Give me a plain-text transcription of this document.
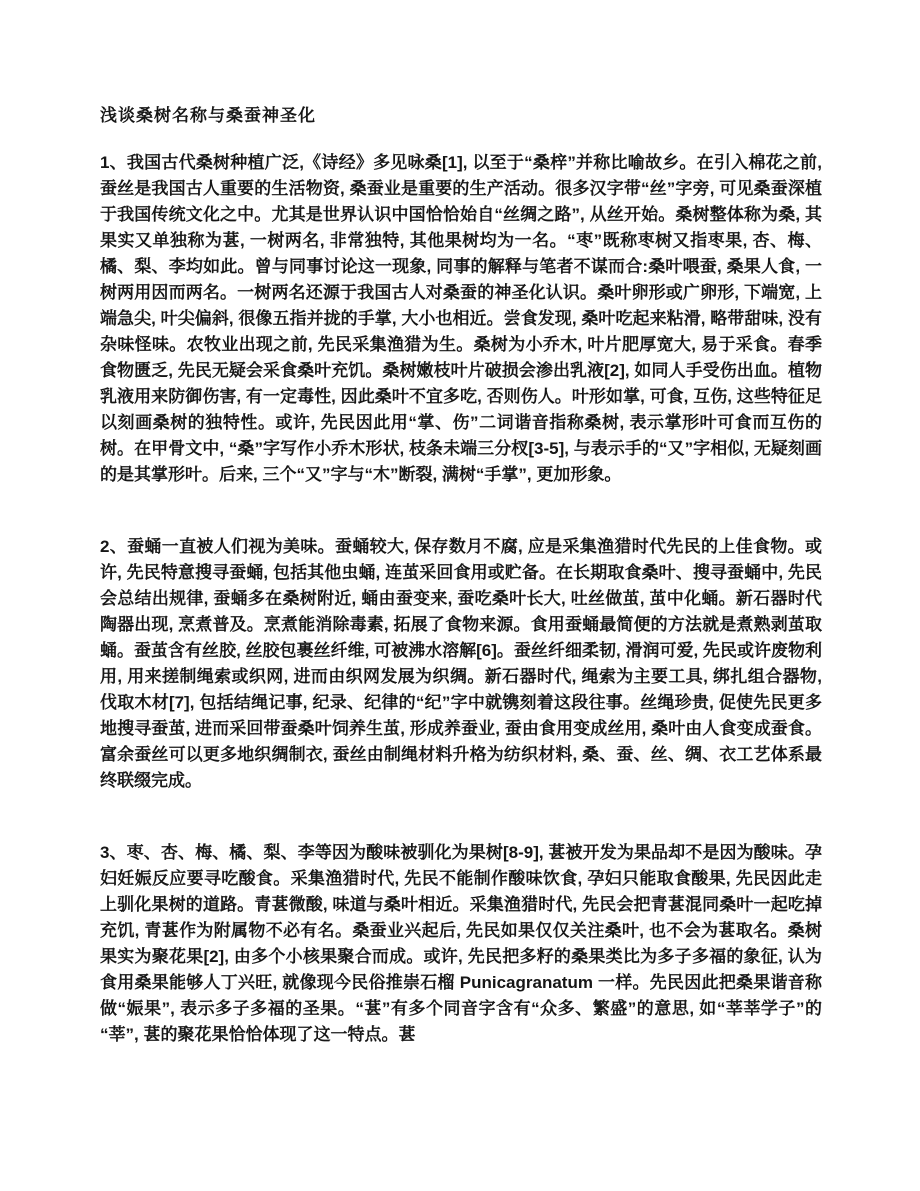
浅谈桑树名称与桑蚕神圣化

1、我国古代桑树种植广泛,《诗经》多见咏桑[1], 以至于“桑梓”并称比喻故乡。在引入棉花之前, 蚕丝是我国古人重要的生活物资, 桑蚕业是重要的生产活动。很多汉字带“丝”字旁, 可见桑蚕深植于我国传统文化之中。尤其是世界认识中国恰恰始自“丝绸之路”, 从丝开始。桑树整体称为桑, 其果实又单独称为葚, 一树两名, 非常独特, 其他果树均为一名。“枣”既称枣树又指枣果, 杏、梅、橘、梨、李均如此。曾与同事讨论这一现象, 同事的解释与笔者不谋而合:桑叶喂蚕, 桑果人食, 一树两用因而两名。一树两名还源于我国古人对桑蚕的神圣化认识。桑叶卵形或广卵形, 下端宽, 上端急尖, 叶尖偏斜, 很像五指并拢的手掌, 大小也相近。尝食发现, 桑叶吃起来粘滑, 略带甜味, 没有杂味怪味。农牧业出现之前, 先民采集渔猎为生。桑树为小乔木, 叶片肥厚宽大, 易于采食。春季食物匮乏, 先民无疑会采食桑叶充饥。桑树嫩枝叶片破损会渗出乳液[2], 如同人手受伤出血。植物乳液用来防御伤害, 有一定毒性, 因此桑叶不宜多吃, 否则伤人。叶形如掌, 可食, 互伤, 这些特征足以刻画桑树的独特性。或许, 先民因此用“掌、伤”二词谐音指称桑树, 表示掌形叶可食而互伤的树。在甲骨文中, “桑”字写作小乔木形状, 枝条未端三分杈[3-5], 与表示手的“又”字相似, 无疑刻画的是其掌形叶。后来, 三个“又”字与“木”断裂, 满树“手掌”, 更加形象。

2、蚕蛹一直被人们视为美味。蚕蛹较大, 保存数月不腐, 应是采集渔猎时代先民的上佳食物。或许, 先民特意搜寻蚕蛹, 包括其他虫蛹, 连茧采回食用或贮备。在长期取食桑叶、搜寻蚕蛹中, 先民会总结出规律, 蚕蛹多在桑树附近, 蛹由蚕变来, 蚕吃桑叶长大, 吐丝做茧, 茧中化蛹。新石器时代陶器出现, 烹煮普及。烹煮能消除毒素, 拓展了食物来源。食用蚕蛹最简便的方法就是煮熟剥茧取蛹。蚕茧含有丝胶, 丝胶包裹丝纤维, 可被沸水溶解[6]。蚕丝纤细柔韧, 滑润可爱, 先民或许废物利用, 用来搓制绳索或织网, 进而由织网发展为织绸。新石器时代, 绳索为主要工具, 绑扎组合器物, 伐取木材[7], 包括结绳记事, 纪录、纪律的“纪”字中就镌刻着这段往事。丝绳珍贵, 促使先民更多地搜寻蚕茧, 进而采回带蚕桑叶饲养生茧, 形成养蚕业, 蚕由食用变成丝用, 桑叶由人食变成蚕食。富余蚕丝可以更多地织绸制衣, 蚕丝由制绳材料升格为纺织材料, 桑、蚕、丝、绸、衣工艺体系最终联缀完成。

3、枣、杏、梅、橘、梨、李等因为酸味被驯化为果树[8-9], 葚被开发为果品却不是因为酸味。孕妇妊娠反应要寻吃酸食。采集渔猎时代, 先民不能制作酸味饮食, 孕妇只能取食酸果, 先民因此走上驯化果树的道路。青葚微酸, 味道与桑叶相近。采集渔猎时代, 先民会把青葚混同桑叶一起吃掉充饥, 青葚作为附属物不必有名。桑蚕业兴起后, 先民如果仅仅关注桑叶, 也不会为葚取名。桑树果实为聚花果[2], 由多个小核果聚合而成。或许, 先民把多籽的桑果类比为多子多福的象征, 认为食用桑果能够人丁兴旺, 就像现今民俗推崇石榴 Punicagranatum 一样。先民因此把桑果谐音称做“娠果”, 表示多子多福的圣果。“葚”有多个同音字含有“众多、繁盛”的意思, 如“莘莘学子”的“莘”, 葚的聚花果恰恰体现了这一特点。葚
